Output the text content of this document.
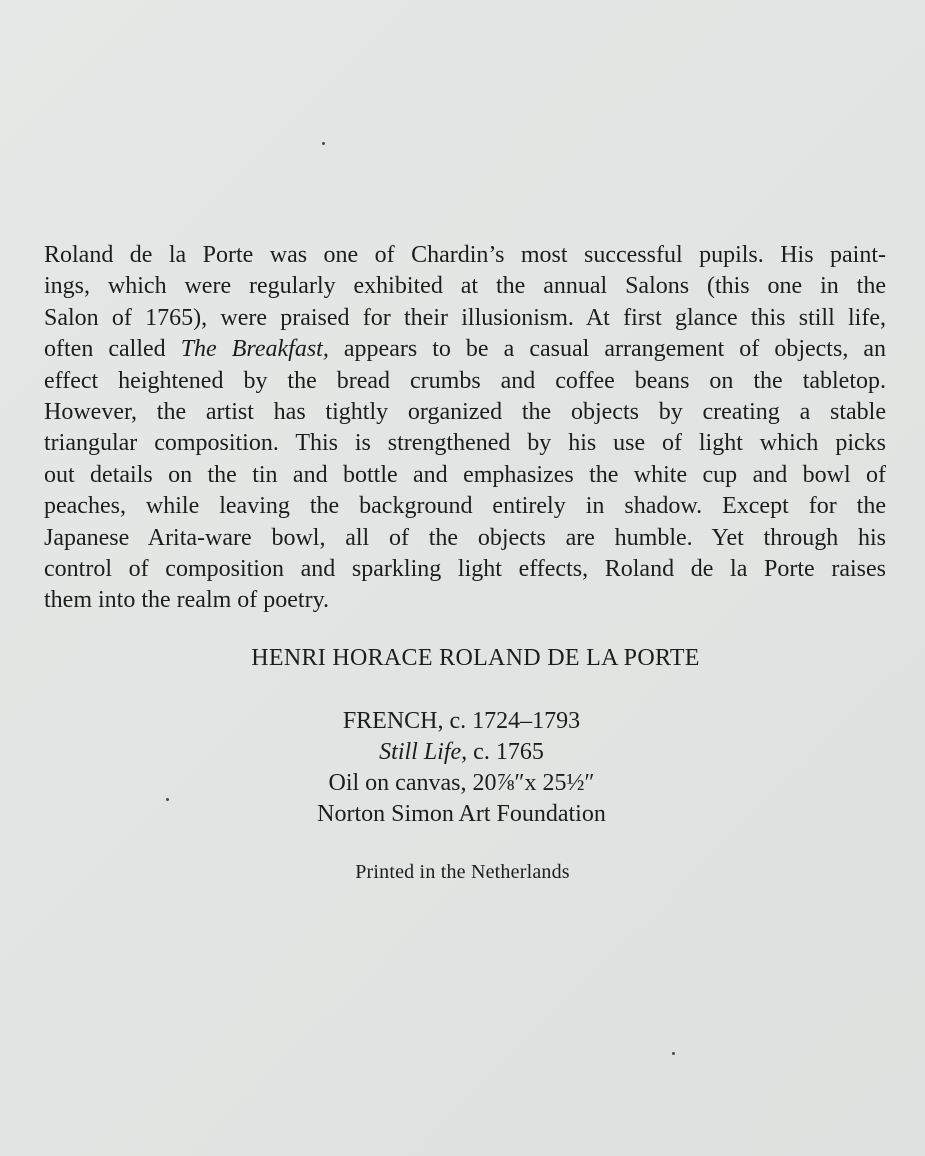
Roland de la Porte was one of Chardin’s most successful pupils. His paint-
ings, which were regularly exhibited at the annual Salons (this one in the
Salon of 1765), were praised for their illusionism. At first glance this still life,
often called The Breakfast, appears to be a casual arrangement of objects, an
effect heightened by the bread crumbs and coffee beans on the tabletop.
However, the artist has tightly organized the objects by creating a stable
triangular composition. This is strengthened by his use of light which picks
out details on the tin and bottle and emphasizes the white cup and bowl of
peaches, while leaving the background entirely in shadow. Except for the
Japanese Arita-ware bowl, all of the objects are humble. Yet through his
control of composition and sparkling light effects, Roland de la Porte raises
them into the realm of poetry.

HENRI HORACE ROLAND DE LA PORTE
FRENCH, c. 1724–1793
Still Life, c. 1765
Oil on canvas, 20⅞″x 25½″
Norton Simon Art Foundation
Printed in the Netherlands
